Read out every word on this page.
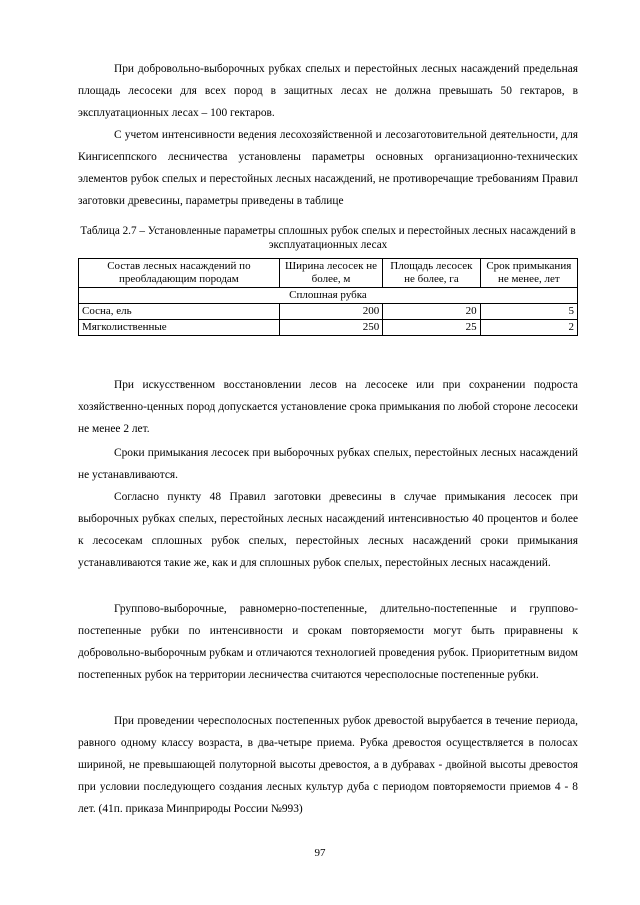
При добровольно-выборочных рубках спелых и перестойных лесных насаждений предельная площадь лесосеки для всех пород в защитных лесах не должна превышать 50 гектаров, в эксплуатационных лесах – 100 гектаров.

С учетом интенсивности ведения лесохозяйственной и лесозаготовительной деятельности, для Кингисеппского лесничества установлены параметры основных организационно-технических элементов рубок спелых и перестойных лесных насаждений, не противоречащие требованиям Правил заготовки древесины, параметры приведены в таблице

Таблица 2.7 – Установленные параметры сплошных рубок спелых и перестойных лесных насаждений в эксплуатационных лесах

Состав лесных насаждений по преобладающим породам	Ширина лесосек не более, м	Площадь лесосек не более, га	Срок примыкания не менее, лет
Сплошная рубка			
Сосна, ель	200	20	5
Мягколиственные	250	25	2

При искусственном восстановлении лесов на лесосеке или при сохранении подроста хозяйственно-ценных пород допускается установление срока примыкания по любой стороне лесосеки не менее 2 лет.

Сроки примыкания лесосек при выборочных рубках спелых, перестойных лесных насаждений не устанавливаются.

Согласно пункту 48 Правил заготовки древесины в случае примыкания лесосек при выборочных рубках спелых, перестойных лесных насаждений интенсивностью 40 процентов и более к лесосекам сплошных рубок спелых, перестойных лесных насаждений сроки примыкания устанавливаются такие же, как и для сплошных рубок спелых, перестойных лесных насаждений.

Группово-выборочные, равномерно-постепенные, длительно-постепенные и группово-постепенные рубки по интенсивности и срокам повторяемости могут быть приравнены к добровольно-выборочным рубкам и отличаются технологией проведения рубок. Приоритетным видом постепенных рубок на территории лесничества считаются чересполосные постепенные рубки.

При проведении чересполосных постепенных рубок древостой вырубается в течение периода, равного одному классу возраста, в два-четыре приема. Рубка древостоя осуществляется в полосах шириной, не превышающей полуторной высоты древостоя, а в дубравах - двойной высоты древостоя при условии последующего создания лесных культур дуба с периодом повторяемости приемов 4 - 8 лет. (41п. приказа Минприроды России №993)

97
